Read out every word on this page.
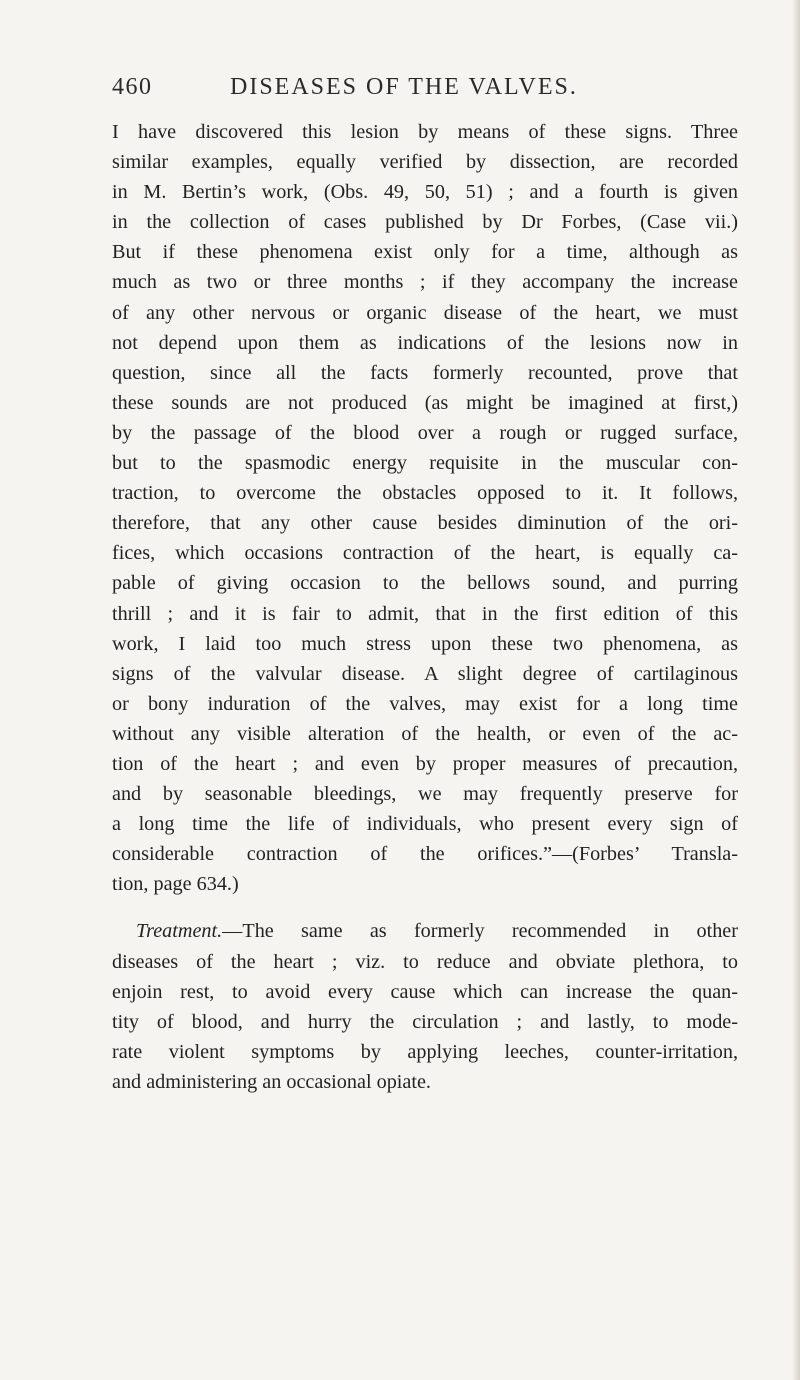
460	DISEASES OF THE VALVES.
I have discovered this lesion by means of these signs. Three
similar examples, equally verified by dissection, are recorded
in M. Bertin’s work, (Obs. 49, 50, 51) ; and a fourth is given
in the collection of cases published by Dr Forbes, (Case vii.)
But if these phenomena exist only for a time, although as
much as two or three months ; if they accompany the increase
of any other nervous or organic disease of the heart, we must
not depend upon them as indications of the lesions now in
question, since all the facts formerly recounted, prove that
these sounds are not produced (as might be imagined at first,)
by the passage of the blood over a rough or rugged surface,
but to the spasmodic energy requisite in the muscular con-
traction, to overcome the obstacles opposed to it. It follows,
therefore, that any other cause besides diminution of the ori-
fices, which occasions contraction of the heart, is equally ca-
pable of giving occasion to the bellows sound, and purring
thrill ; and it is fair to admit, that in the first edition of this
work, I laid too much stress upon these two phenomena, as
signs of the valvular disease. A slight degree of cartilaginous
or bony induration of the valves, may exist for a long time
without any visible alteration of the health, or even of the ac-
tion of the heart ; and even by proper measures of precaution,
and by seasonable bleedings, we may frequently preserve for
a long time the life of individuals, who present every sign of
considerable contraction of the orifices.”—(Forbes’ Transla-
tion, page 634.)
Treatment.—The same as formerly recommended in other
diseases of the heart ; viz. to reduce and obviate plethora, to
enjoin rest, to avoid every cause which can increase the quan-
tity of blood, and hurry the circulation ; and lastly, to mode-
rate violent symptoms by applying leeches, counter-irritation,
and administering an occasional opiate.
